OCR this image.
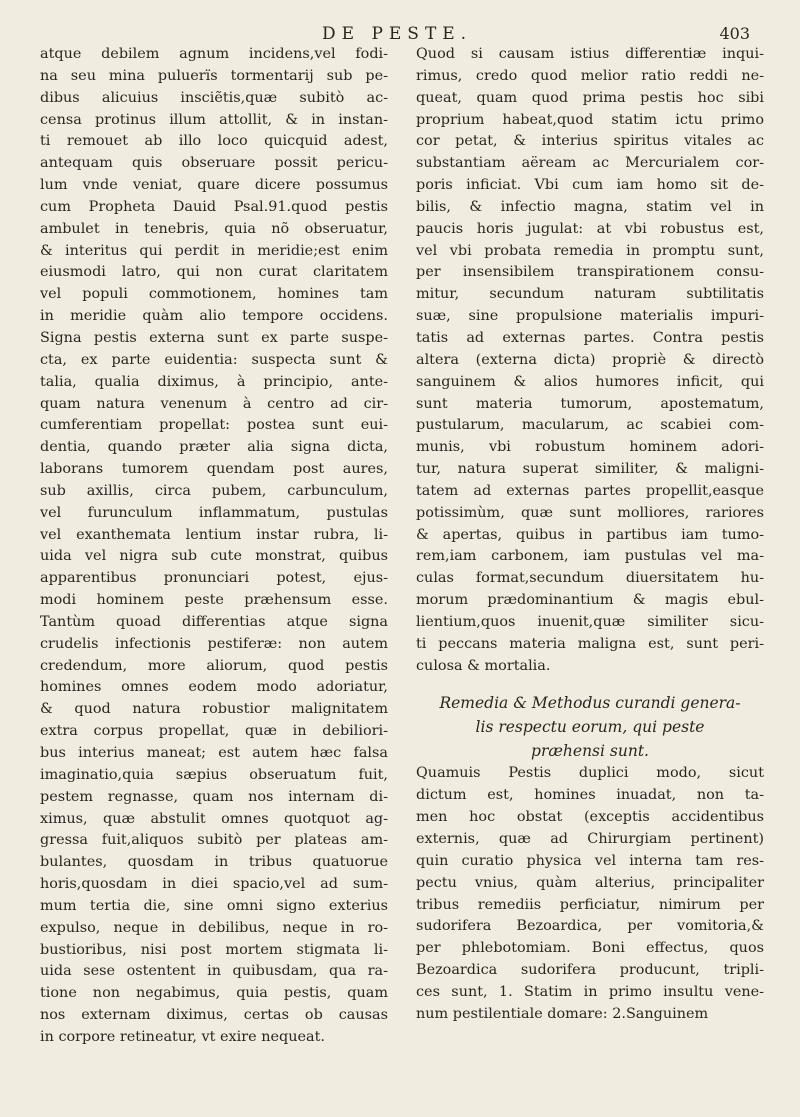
DE PESTE.	403
atque debilem agnum incidens,vel fodi-
na seu mina puluerïs tormentarij sub pe-
dibus alicuius insciẽtis,quæ subitò ac-
censa protinus illum attollit, & in instan-
ti remouet ab illo loco quicquid adest,
antequam quis obseruare possit pericu-
lum vnde veniat, quare dicere possumus
cum Propheta Dauid Psal.91.quod pestis
ambulet in tenebris, quia nõ obseruatur,
& interitus qui perdit in meridie;est enim
eiusmodi latro, qui non curat claritatem
vel populi commotionem, homines tam
in meridie quàm alio tempore occidens.
Signa pestis externa sunt ex parte suspe-
cta, ex parte euidentia: suspecta sunt &
talia, qualia diximus, à principio, ante-
quam natura venenum à centro ad cir-
cumferentiam propellat: postea sunt eui-
dentia, quando præter alia signa dicta,
laborans tumorem quendam post aures,
sub axillis, circa pubem, carbunculum,
vel furunculum inflammatum, pustulas
vel exanthemata lentium instar rubra, li-
uida vel nigra sub cute monstrat, quibus
apparentibus pronunciari potest, ejus-
modi hominem peste præhensum esse.
Tantùm quoad differentias atque signa
crudelis infectionis pestiferæ: non autem
credendum, more aliorum, quod pestis
homines omnes eodem modo adoriatur,
& quod natura robustior malignitatem
extra corpus propellat, quæ in debiliori-
bus interius maneat; est autem hæc falsa
imaginatio,quia sæpius obseruatum fuit,
pestem regnasse, quam nos internam di-
ximus, quæ abstulit omnes quotquot ag-
gressa fuit,aliquos subitò per plateas am-
bulantes, quosdam in tribus quatuorue
horis,quosdam in diei spacio,vel ad sum-
mum tertia die, sine omni signo exterius
expulso, neque in debilibus, neque in ro-
bustioribus, nisi post mortem stigmata li-
uida sese ostentent in quibusdam, qua ra-
tione non negabimus, quia pestis, quam
nos externam diximus, certas ob causas
in corpore retineatur, vt exire nequeat.
Quod si causam istius differentiæ inqui-
rimus, credo quod melior ratio reddi ne-
queat, quam quod prima pestis hoc sibi
proprium habeat,quod statim ictu primo
cor petat, & interius spiritus vitales ac
substantiam aëream ac Mercurialem cor-
poris inficiat. Vbi cum iam homo sit de-
bilis, & infectio magna, statim vel in
paucis horis jugulat: at vbi robustus est,
vel vbi probata remedia in promptu sunt,
per insensibilem transpirationem consu-
mitur, secundum naturam subtilitatis
suæ, sine propulsione materialis impuri-
tatis ad externas partes. Contra pestis
altera (externa dicta) propriè & directò
sanguinem & alios humores inficit, qui
sunt materia tumorum, apostematum,
pustularum, macularum, ac scabiei com-
munis, vbi robustum hominem adori-
tur, natura superat similiter, & maligni-
tatem ad externas partes propellit,easque
potissimùm, quæ sunt molliores, rariores
& apertas, quibus in partibus iam tumo-
rem,iam carbonem, iam pustulas vel ma-
culas format,secundum diuersitatem hu-
morum prædominantium & magis ebul-
lientium,quos inuenit,quæ similiter sicu-
ti peccans materia maligna est, sunt peri-
culosa & mortalia.
Remedia & Methodus curandi genera-
lis respectu eorum, qui peste
præhensi sunt.
Quamuis Pestis duplici modo, sicut
dictum est, homines inuadat, non ta-
men hoc obstat (exceptis accidentibus
externis, quæ ad Chirurgiam pertinent)
quin curatio physica vel interna tam res-
pectu vnius, quàm alterius, principaliter
tribus remediis perficiatur, nimirum per
sudorifera Bezoardica, per vomitoria,&
per phlebotomiam. Boni effectus, quos
Bezoardica sudorifera producunt, tripli-
ces sunt, 1. Statim in primo insultu vene-
num pestilentiale domare: 2.Sanguinem
